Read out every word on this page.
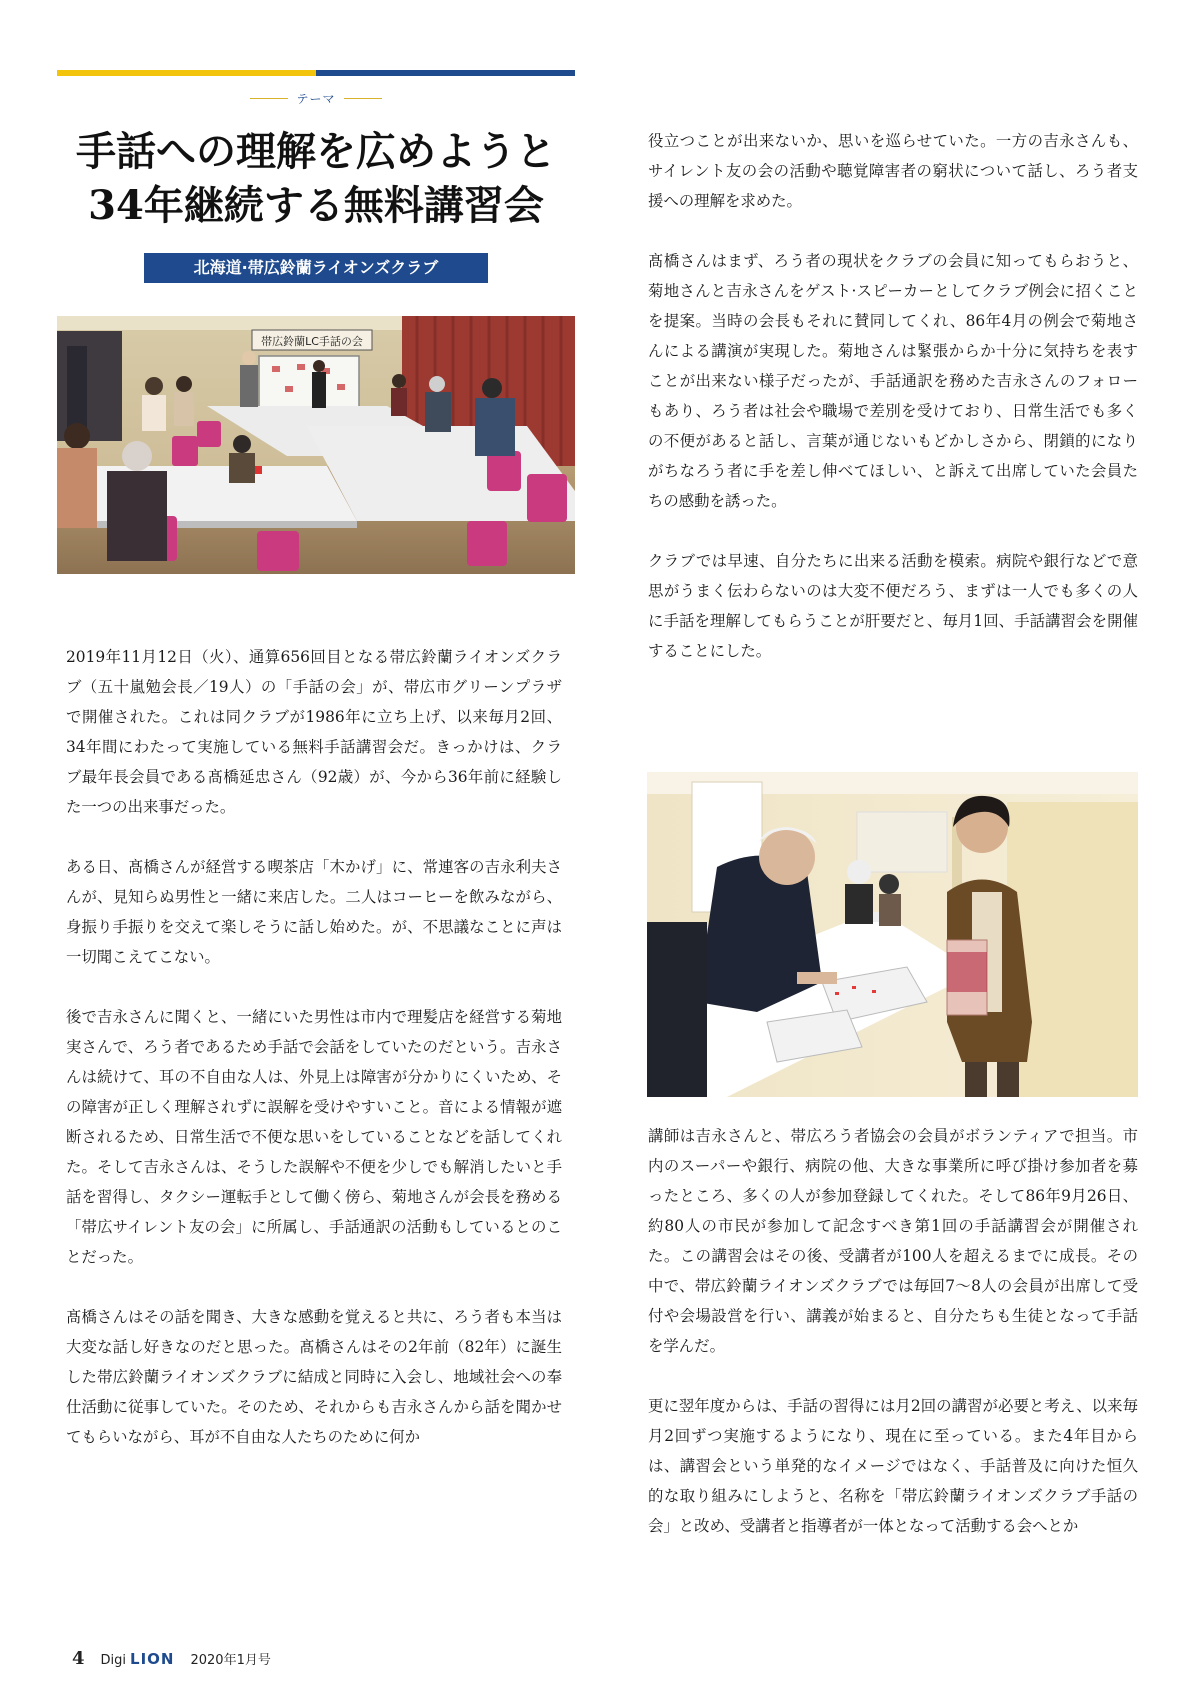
テーマ
手話への理解を広めようと
34年継続する無料講習会
北海道·帯広鈴蘭ライオンズクラブ
帯広鈴蘭LC手話の会

2019年11月12日（火）、通算656回目となる帯広鈴蘭ライオンズクラブ（五十嵐勉会長／19人）の「手話の会」が、帯広市グリーンプラザで開催された。これは同クラブが1986年に立ち上げ、以来毎月2回、34年間にわたって実施している無料手話講習会だ。きっかけは、クラブ最年長会員である髙橋延忠さん（92歳）が、今から36年前に経験した一つの出来事だった。

ある日、髙橋さんが経営する喫茶店「木かげ」に、常連客の吉永利夫さんが、見知らぬ男性と一緒に来店した。二人はコーヒーを飲みながら、身振り手振りを交えて楽しそうに話し始めた。が、不思議なことに声は一切聞こえてこない。

後で吉永さんに聞くと、一緒にいた男性は市内で理髪店を経営する菊地実さんで、ろう者であるため手話で会話をしていたのだという。吉永さんは続けて、耳の不自由な人は、外見上は障害が分かりにくいため、その障害が正しく理解されずに誤解を受けやすいこと。音による情報が遮断されるため、日常生活で不便な思いをしていることなどを話してくれた。そして吉永さんは、そうした誤解や不便を少しでも解消したいと手話を習得し、タクシー運転手として働く傍ら、菊地さんが会長を務める「帯広サイレント友の会」に所属し、手話通訳の活動もしているとのことだった。

髙橋さんはその話を聞き、大きな感動を覚えると共に、ろう者も本当は大変な話し好きなのだと思った。髙橋さんはその2年前（82年）に誕生した帯広鈴蘭ライオンズクラブに結成と同時に入会し、地域社会への奉仕活動に従事していた。そのため、それからも吉永さんから話を聞かせてもらいながら、耳が不自由な人たちのために何か

役立つことが出来ないか、思いを巡らせていた。一方の吉永さんも、サイレント友の会の活動や聴覚障害者の窮状について話し、ろう者支援への理解を求めた。

髙橋さんはまず、ろう者の現状をクラブの会員に知ってもらおうと、菊地さんと吉永さんをゲスト·スピーカーとしてクラブ例会に招くことを提案。当時の会長もそれに賛同してくれ、86年4月の例会で菊地さんによる講演が実現した。菊地さんは緊張からか十分に気持ちを表すことが出来ない様子だったが、手話通訳を務めた吉永さんのフォローもあり、ろう者は社会や職場で差別を受けており、日常生活でも多くの不便があると話し、言葉が通じないもどかしさから、閉鎖的になりがちなろう者に手を差し伸べてほしい、と訴えて出席していた会員たちの感動を誘った。

クラブでは早速、自分たちに出来る活動を模索。病院や銀行などで意思がうまく伝わらないのは大変不便だろう、まずは一人でも多くの人に手話を理解してもらうことが肝要だと、毎月1回、手話講習会を開催することにした。

講師は吉永さんと、帯広ろう者協会の会員がボランティアで担当。市内のスーパーや銀行、病院の他、大きな事業所に呼び掛け参加者を募ったところ、多くの人が参加登録してくれた。そして86年9月26日、約80人の市民が参加して記念すべき第1回の手話講習会が開催された。この講習会はその後、受講者が100人を超えるまでに成長。その中で、帯広鈴蘭ライオンズクラブでは毎回7〜8人の会員が出席して受付や会場設営を行い、講義が始まると、自分たちも生徒となって手話を学んだ。

更に翌年度からは、手話の習得には月2回の講習が必要と考え、以来毎月2回ずつ実施するようになり、現在に至っている。また4年目からは、講習会という単発的なイメージではなく、手話普及に向けた恒久的な取り組みにしようと、名称を「帯広鈴蘭ライオンズクラブ手話の会」と改め、受講者と指導者が一体となって活動する会へとか

4 Digi LION 2020年1月号
